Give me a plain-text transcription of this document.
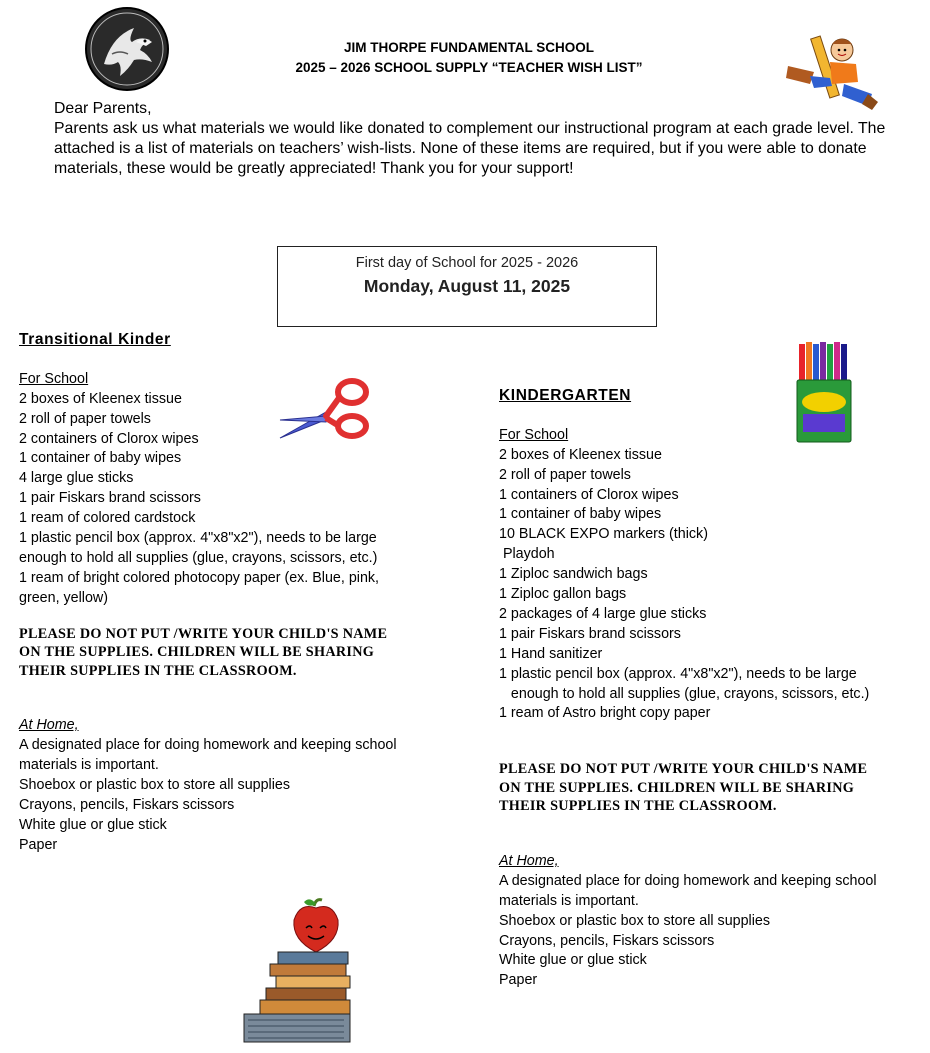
JIM THORPE FUNDAMENTAL SCHOOL
2025 – 2026 SCHOOL SUPPLY “TEACHER WISH LIST”

Dear Parents,

Parents ask us what materials we would like donated to complement our instructional program at each grade level. The attached is a list of materials on teachers’ wish-lists. None of these items are required, but if you were able to donate materials, these would be greatly appreciated! Thank you for your support!

First day of School for 2025 - 2026
Monday, August 11, 2025
Transitional Kinder
For School
2 boxes of Kleenex tissue
2 roll of paper towels
2 containers of Clorox wipes
1 container of baby wipes
4 large glue sticks
1 pair Fiskars brand scissors
1 ream of colored cardstock
1 plastic pencil box (approx. 4"x8"x2"), needs to be large
enough to hold all supplies (glue, crayons, scissors, etc.)
1 ream of bright colored photocopy paper (ex. Blue, pink,
green, yellow)
PLEASE DO NOT PUT /WRITE YOUR CHILD'S NAME
ON THE SUPPLIES. CHILDREN WILL BE SHARING
THEIR SUPPLIES IN THE CLASSROOM.
At Home,
A designated place for doing homework and keeping school
materials is important.
Shoebox or plastic box to store all supplies
Crayons, pencils, Fiskars scissors
White glue or glue stick
Paper
KINDERGARTEN
For School
2 boxes of Kleenex tissue
2 roll of paper towels
1 containers of Clorox wipes
1 container of baby wipes
10 BLACK EXPO markers (thick)
Playdoh
1 Ziploc sandwich bags
1 Ziploc gallon bags
2 packages of 4 large glue sticks
1 pair Fiskars brand scissors
1 Hand sanitizer
1 plastic pencil box (approx. 4"x8"x2"), needs to be large
enough to hold all supplies (glue, crayons, scissors, etc.)
1 ream of Astro bright copy paper
PLEASE DO NOT PUT /WRITE YOUR CHILD'S NAME
ON THE SUPPLIES. CHILDREN WILL BE SHARING
THEIR SUPPLIES IN THE CLASSROOM.
At Home,
A designated place for doing homework and keeping school
materials is important.
Shoebox or plastic box to store all supplies
Crayons, pencils, Fiskars scissors
White glue or glue stick
Paper
